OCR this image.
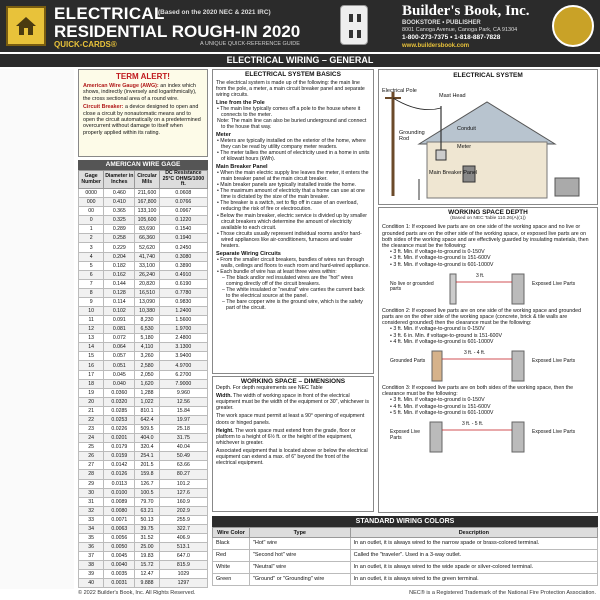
ELECTRICAL
(Based on the 2020 NEC & 2021 IRC)
RESIDENTIAL ROUGH-IN 2020
QUICK-CARDS®	A UNIQUE QUICK-REFERENCE GUIDE
Builder's Book, Inc.
BOOKSTORE • PUBLISHER
8001 Canoga Avenue, Canoga Park, CA 91304
1-800-273-7375 • 1-818-887-7828
www.buildersbook.com
ELECTRICAL WIRING – GENERAL
TERM ALERT!
American Wire Gauge (AWG): an index which shows, indirectly (inversely and logarithmically), the cross sectional area of a round wire.
Circuit Breaker: a device designed to open and close a circuit by nonautomatic means and to open the circuit automatically on a predetermined overcurrent without damage to itself when properly applied within its rating.
AMERICAN WIRE GAGE
Gage Number	Diameter in Inches	Circular Mils	DC Resistance 25°C OHMS/1000 ft.
0000	0.460	211,600	0.0608
000	0.410	167,800	0.0766
00	0.365	133,100	0.0967
0	0.325	105,600	0.1220
1	0.289	83,690	0.1540
2	0.258	66,360	0.1940
3	0.229	52,620	0.2450
4	0.204	41,740	0.3080
5	0.182	33,100	0.3890
6	0.162	26,240	0.4910
7	0.144	20,820	0.6190
8	0.128	16,510	0.7780
9	0.114	13,090	0.9830
10	0.102	10,380	1.2400
11	0.091	8,230	1.5600
12	0.081	6,530	1.9700
13	0.072	5,180	2.4800
14	0.064	4,110	3.1300
15	0.057	3,260	3.9400
16	0.051	2,580	4.9700
17	0.045	2,050	6.2700
18	0.040	1,620	7.9000
19	0.0360	1,288	9.960
20	0.0320	1,022	12.56
21	0.0285	810.1	15.84
22	0.0253	642.4	19.97
23	0.0226	509.5	25.18
24	0.0201	404.0	31.75
25	0.0179	320.4	40.04
26	0.0159	254.1	50.49
27	0.0142	201.5	63.66
28	0.0126	159.8	80.27
29	0.0113	126.7	101.2
30	0.0100	100.5	127.6
31	0.0089	79.70	160.9
32	0.0080	63.21	202.9
33	0.0071	50.13	255.9
34	0.0063	39.75	322.7
35	0.0056	31.52	406.9
36	0.0050	25.00	513.1
37	0.0045	19.83	647.0
38	0.0040	15.72	815.9
39	0.0035	12.47	1029
40	0.0031	9.888	1297
ELECTRICAL SYSTEM BASICS
The electrical system is made up of the following: the main line from the pole, a meter, a main circuit breaker panel and separate wiring circuits.
Line from the Pole
• The main line typically comes off a pole to the house where it connects to the meter.
Note: The main line can also be buried underground and connect to the house that way.
Meter
• Meters are typically installed on the exterior of the home, where they can be read by utility company meter readers.
• The meter tallies the amount of electricity used in a home in units of kilowatt hours (kWh).
Main Breaker Panel
• When the main electric supply line leaves the meter, it enters the main breaker panel at the main circuit breaker.
• Main breaker panels are typically installed inside the home.
• The maximum amount of electricity that a home can use at one time is dictated by the size of the main breaker.
• The breaker is a switch, set to flip off in case of an overload, reducing the risk of fire or electrocution.
• Below the main breaker, electric service is divided up by smaller circuit breakers which determine the amount of electricity available to each circuit.
• Those circuits usually represent individual rooms and/or hard-wired appliances like air-conditioners, furnaces and water heaters.
Separate Wiring Circuits
• From the smaller circuit breakers, bundles of wires run through walls, ceilings and floors to each room and hard-wired appliance.
• Each bundle of wire has at least three wires within:
– The black and/or red insulated wires are the "hot" wires coming directly off of the circuit breakers.
– The white insulated or "neutral" wire carries the current back to the electrical source at the panel.
– The bare copper wire is the ground wire, which is the safety part of the circuit.
ELECTRICAL SYSTEM
Electrical Pole
Mast Head
Conduit
Grounding Rod
Meter
Main Breaker Panel
WORKING SPACE DEPTH
(Based on NEC Table 110.26(A)(1))
Condition 1: If exposed live parts are on one side of the working space and no live or grounded parts are on the other side of the working space, or exposed live parts are on both sides of the working space and are effectively guarded by insulating materials, then the clearance must be the following:
• 3 ft. Min. if voltage-to-ground is 0-150V
• 3 ft. Min. if voltage-to-ground is 151-600V
• 3 ft. Min. if voltage-to-ground is 601-1000V
No live or grounded parts
3 ft.
Exposed Live Parts
Condition 2: If exposed live parts are on one side of the working space and grounded parts are on the other side of the working space (concrete, brick & tile walls are considered grounded) then the clearance must be the following:
• 3 ft. Min. if voltage-to-ground is 0-150V
• 3 ft. 6 in. Min. if voltage-to-ground is 151-600V
• 4 ft. Min. if voltage-to-ground is 601-1000V
Grounded Parts
3 ft. - 4 ft.
Exposed Live Parts
Condition 3: If exposed live parts are on both sides of the working space, then the clearance must be the following:
• 3 ft. Min. if voltage-to-ground is 0-150V
• 4 ft. Min. if voltage-to-ground is 151-600V
• 5 ft. Min. if voltage-to-ground is 601-1000V
Exposed Live Parts
3 ft. - 5 ft.
Exposed Live Parts
WORKING SPACE – DIMENSIONS
Depth. For depth requirements see NEC Table
Width. The width of working space in front of the electrical equipment must be the width of the equipment or 30", whichever is greater.
The work space must permit at least a 90° opening of equipment doors or hinged panels.
Height. The work space must extend from the grade, floor or platform to a height of 6½ ft. or the height of the equipment, whichever is greater.
Associated equipment that is located above or below the electrical equipment can extend a max. of 6" beyond the front of the electrical equipment.
STANDARD WIRING COLORS
Wire Color	Type	Description
Black	"Hot" wire	In an outlet, it is always wired to the narrow spade or brass-colored terminal.
Red	"Second hot" wire	Called the "traveler". Used in a 3-way outlet.
White	"Neutral" wire	In an outlet, it is always wired to the wide spade or silver-colored terminal.
Green	"Ground" or "Grounding" wire	In an outlet, it is always wired to the green terminal.
© 2022 Builder's Book, Inc. All Rights Reserved.	NEC® is a Registered Trademark of the National Fire Protection Association.
